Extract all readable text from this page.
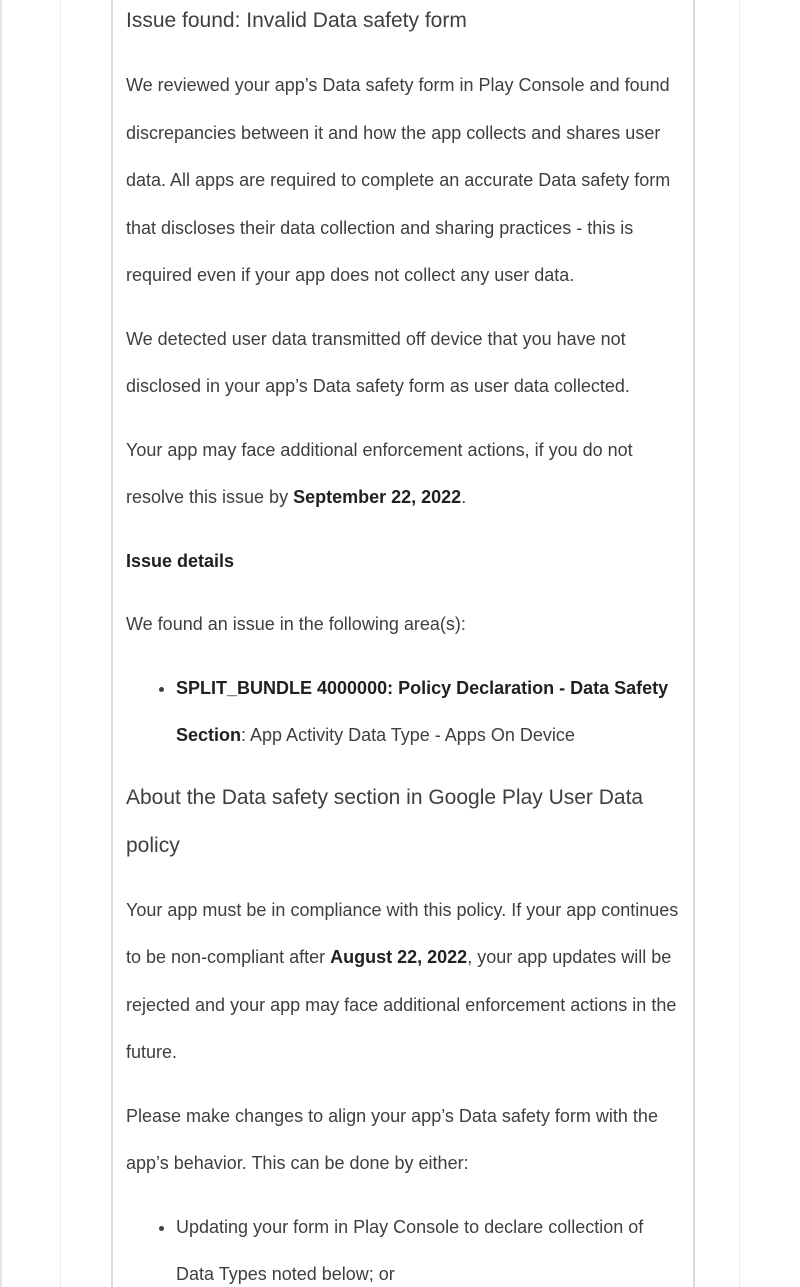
Issue found: Invalid Data safety form

We reviewed your app’s Data safety form in Play Console and found discrepancies between it and how the app collects and shares user data. All apps are required to complete an accurate Data safety form that discloses their data collection and sharing practices - this is required even if your app does not collect any user data.

We detected user data transmitted off device that you have not disclosed in your app’s Data safety form as user data collected.

Your app may face additional enforcement actions, if you do not resolve this issue by September 22, 2022.

Issue details

We found an issue in the following area(s):

• SPLIT_BUNDLE 4000000: Policy Declaration - Data Safety Section: App Activity Data Type - Apps On Device
About the Data safety section in Google Play User Data policy

Your app must be in compliance with this policy. If your app continues to be non-compliant after August 22, 2022, your app updates will be rejected and your app may face additional enforcement actions in the future.

Please make changes to align your app’s Data safety form with the app’s behavior. This can be done by either:

• Updating your form in Play Console to declare collection of Data Types noted below; or
